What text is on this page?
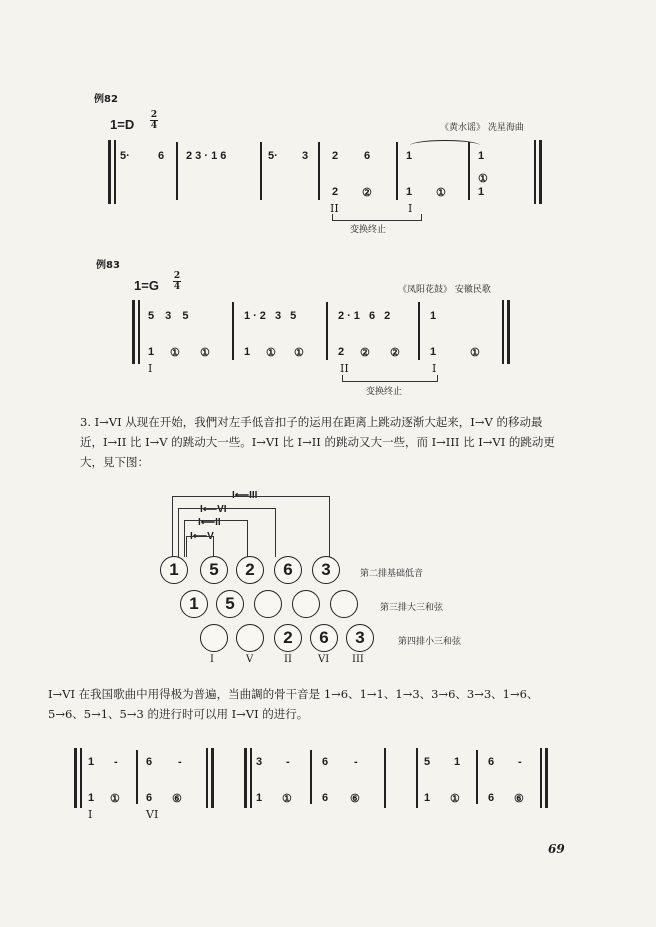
例82
1=D
2
4	《黄水谣》 冼星海曲
5·	6 2 3 · 1 6	5· 3 2 6	1	1
2 ②	1 ①
①
1
II	I
变换终止
例83
1=G
2
4	《凤阳花鼓》 安徽民歌
5 3 5	1·2 3 5	2·1 6 2	1
1 ① ①	1 ① ①	2 ② ②	1	①
I	II	I
变换终止
3. I→VI 从现在开始，我們对左手低音扣子的运用在距离上跳动逐渐大起来，I→V 的移动最
近，I→II 比 I→V 的跳动大一些。I→VI 比 I→II 的跳动又大一些，而 I→III 比 I→VI 的跳动更
大，見下图：
I⟵III
I⟵VI
I⟵II
I⟵V
1	5	2	6	3	第二排基础低音
1	5	第三排大三和弦
2	6	3	第四排小三和弦
I	V	II	VI III
I→VI 在我国歌曲中用得极为普遍，当曲調的骨干音是 1→6、1→1、1→3、3→6、3→3、1→6、
5→6、5→1、5→3 的进行时可以用 I→VI 的进行。
1 -	6 -
1 ① 6 ⑥
I	VI
3 -	6 -
1 ①	6 ⑥
5 1	6 -
1 ①	6 ⑥
69
